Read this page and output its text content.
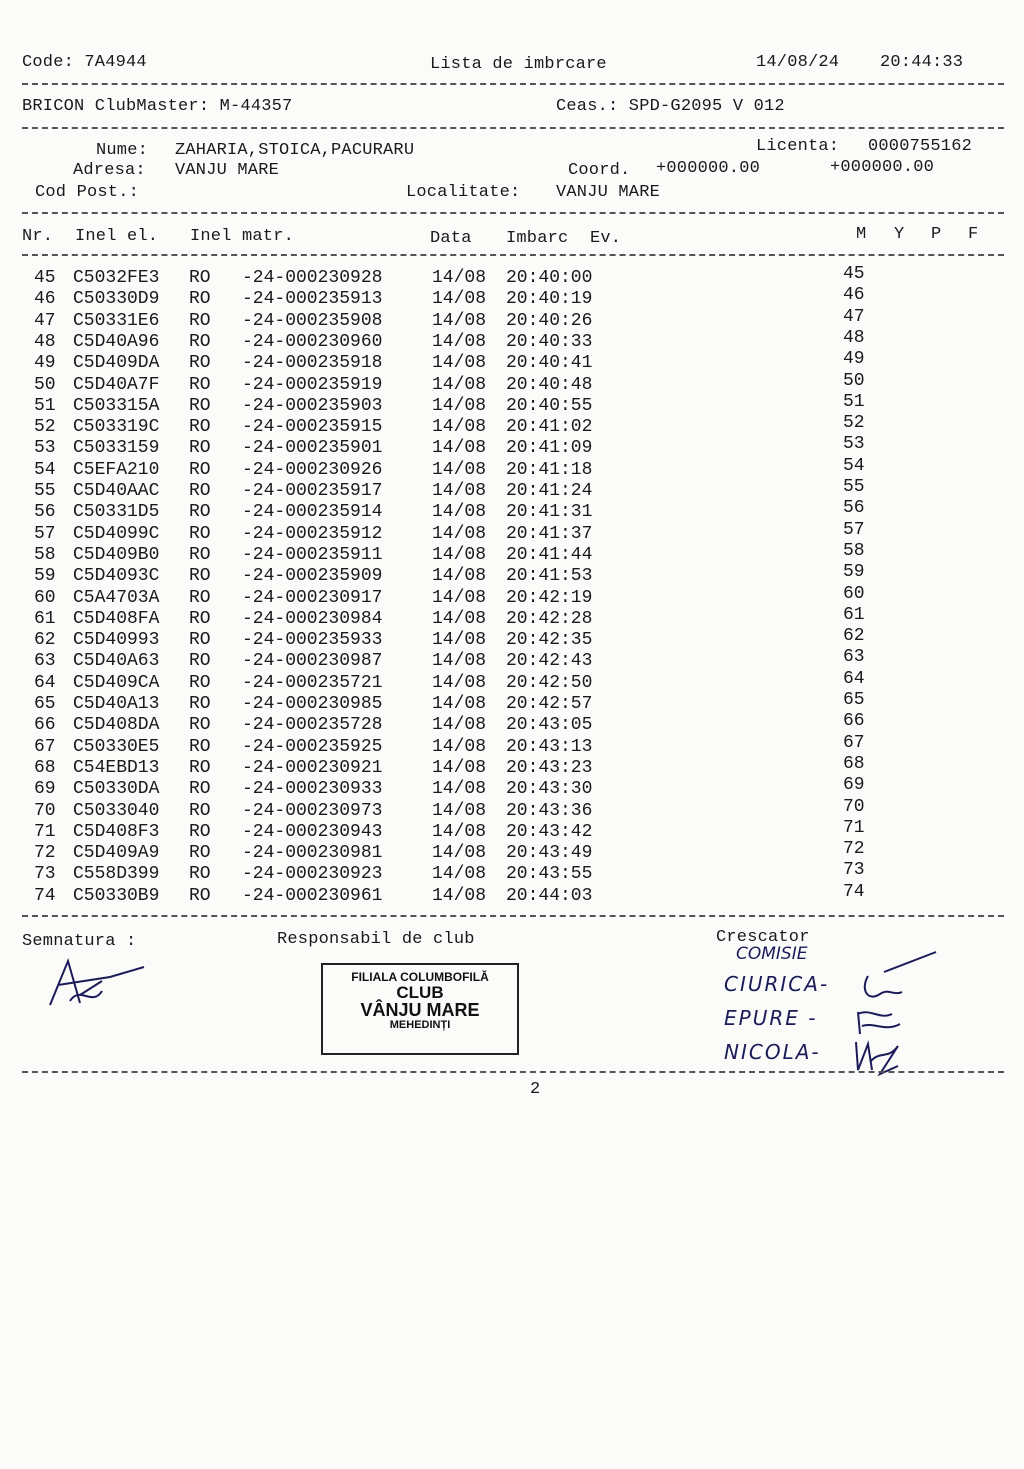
Code: 7A4944	Lista de imbrcare	14/08/24 20:44:33
BRICON ClubMaster: M-44357	Ceas.: SPD-G2095 V 012
Nume: ZAHARIA,STOICA,PACURARU	Licenta: 0000755162
Adresa: VANJU MARE	Coord. +000000.00	+000000.00
Cod Post.:	Localitate: VANJU MARE
Nr. Inel el. Inel matr.	Data Imbarc Ev.	M Y P F
45 C5032FE3 RO -24-000230928	14/08 20:40:00	45
46 C50330D9 RO -24-000235913	14/08 20:40:19	46
47 C50331E6 RO -24-000235908	14/08 20:40:26	47
48 C5D40A96 RO -24-000230960	14/08 20:40:33	48
49 C5D409DA RO -24-000235918	14/08 20:40:41	49
50 C5D40A7F RO -24-000235919	14/08 20:40:48	50
51 C503315A RO -24-000235903	14/08 20:40:55	51
52 C503319C RO -24-000235915	14/08 20:41:02	52
53 C5033159 RO -24-000235901	14/08 20:41:09	53
54 C5EFA210 RO -24-000230926	14/08 20:41:18	54
55 C5D40AAC RO -24-000235917	14/08 20:41:24	55
56 C50331D5 RO -24-000235914	14/08 20:41:31	56
57 C5D4099C RO -24-000235912	14/08 20:41:37	57
58 C5D409B0 RO -24-000235911	14/08 20:41:44	58
59 C5D4093C RO -24-000235909	14/08 20:41:53	59
60 C5A4703A RO -24-000230917	14/08 20:42:19	60
61 C5D408FA RO -24-000230984	14/08 20:42:28	61
62 C5D40993 RO -24-000235933	14/08 20:42:35	62
63 C5D40A63 RO -24-000230987	14/08 20:42:43	63
64 C5D409CA RO -24-000235721	14/08 20:42:50	64
65 C5D40A13 RO -24-000230985	14/08 20:42:57	65
66 C5D408DA RO -24-000235728	14/08 20:43:05	66
67 C50330E5 RO -24-000235925	14/08 20:43:13	67
68 C54EBD13 RO -24-000230921	14/08 20:43:23	68
69 C50330DA RO -24-000230933	14/08 20:43:30	69
70 C5033040 RO -24-000230973	14/08 20:43:36	70
71 C5D408F3 RO -24-000230943	14/08 20:43:42	71
72 C5D409A9 RO -24-000230981	14/08 20:43:49	72
73 C558D399 RO -24-000230923	14/08 20:43:55	73
74 C50330B9 RO -24-000230961	14/08 20:44:03	74
Semnatura :	Responsabil de club	Crescator
FILIALA COLUMBOFILĂ
CLUB
VÂNJU MARE
MEHEDINȚI
COMISIE
CIURICA-
EPURE -
NICOLA-
2
